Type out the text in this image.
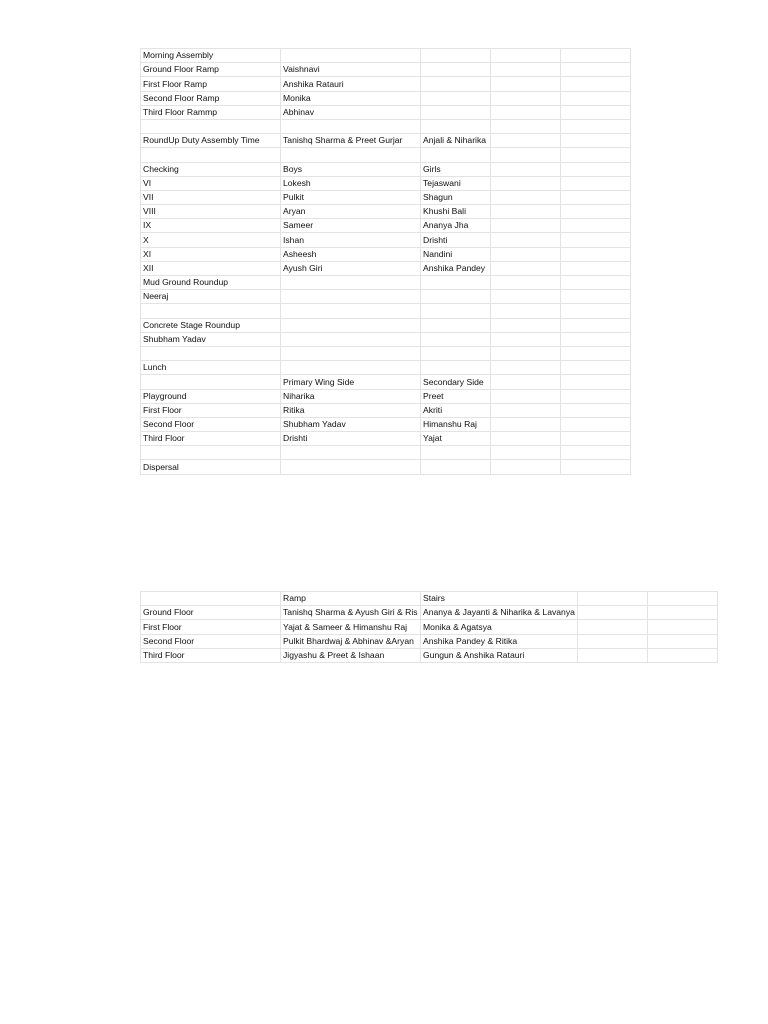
Morning Assembly				
Ground Floor Ramp	Vaishnavi			
First Floor Ramp	Anshika Ratauri			
Second Floor Ramp	Monika			
Third Floor Rammp	Abhinav			

RoundUp Duty Assembly Time	Tanishq Sharma & Preet Gurjar	Anjali & Niharika		

Checking	Boys	Girls		
VI	Lokesh	Tejaswani		
VII	Pulkit	Shagun		
VIII	Aryan	Khushi Bali		
IX	Sameer	Ananya Jha		
X	Ishan	Drishti		
XI	Asheesh	Nandini		
XII	Ayush Giri	Anshika Pandey		
Mud Ground Roundup				
Neeraj				

Concrete Stage Roundup				
Shubham Yadav				

Lunch				
	Primary Wing Side	Secondary Side		
Playground	Niharika	Preet		
First Floor	Ritika	Akriti		
Second Floor	Shubham Yadav	Himanshu Raj		
Third Floor	Drishti	Yajat		

Dispersal				
	Ramp	Stairs		
Ground Floor	Tanishq Sharma & Ayush Giri & Ris	Ananya & Jayanti & Niharika & Lavanya		
First Floor	Yajat & Sameer & Himanshu Raj	Monika & Agatsya		
Second Floor	Pulkit Bhardwaj & Abhinav &Aryan	Anshika Pandey & Ritika		
Third Floor	Jigyashu & Preet & Ishaan	Gungun & Anshika Ratauri		
